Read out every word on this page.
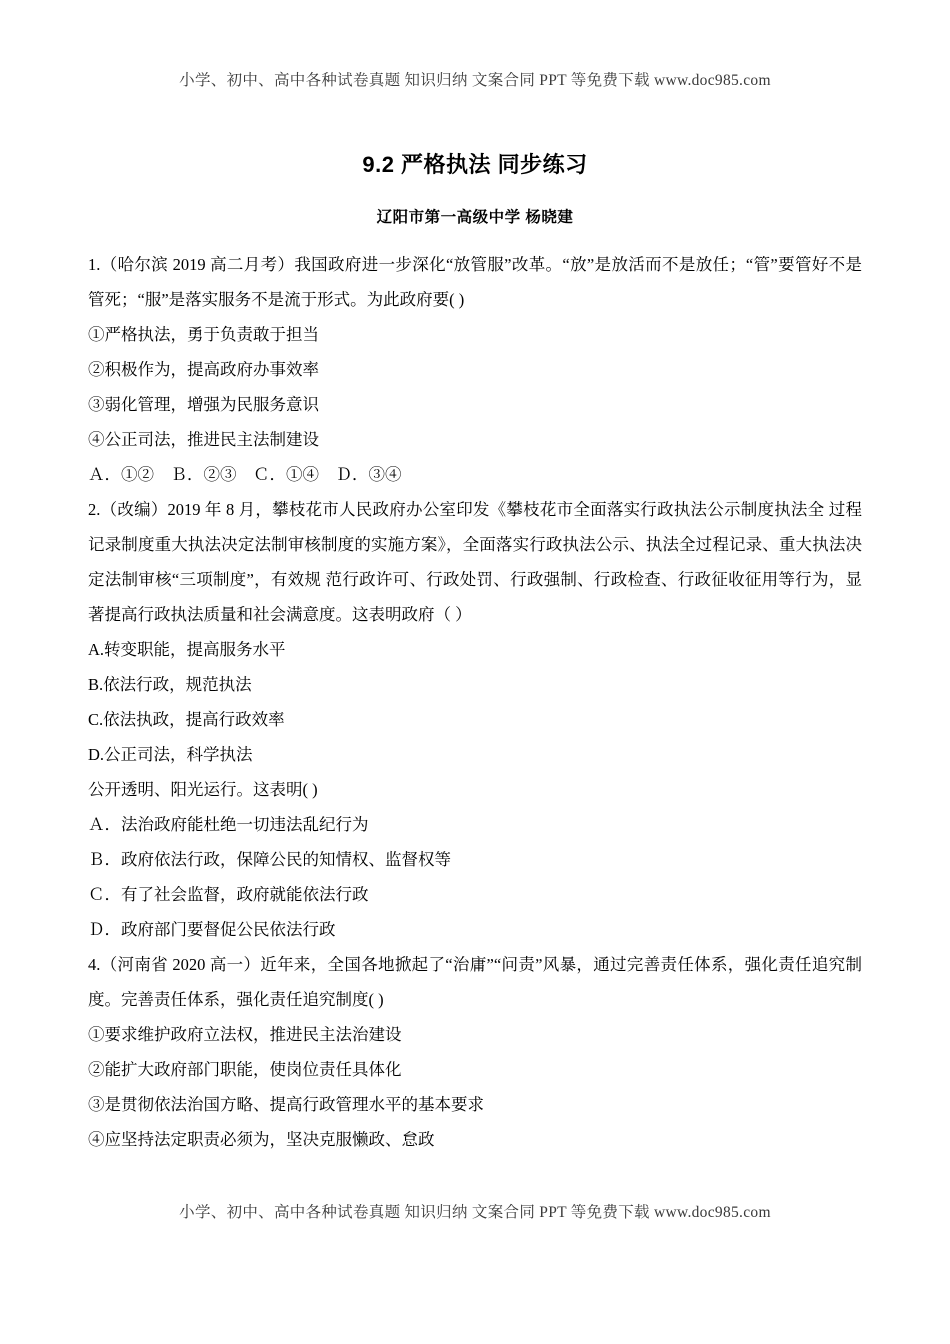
小学、初中、高中各种试卷真题 知识归纳 文案合同 PPT 等免费下载 www.doc985.com
9.2 严格执法 同步练习
辽阳市第一高级中学 杨晓建

1.（哈尔滨 2019 高二月考）我国政府进一步深化“放管服”改革。“放”是放活而不是放任；“管”要管好不是管死；“服”是落实服务不是流于形式。为此政府要( )

①严格执法，勇于负责敢于担当

②积极作为，提高政府办事效率

③弱化管理，增强为民服务意识

④公正司法，推进民主法制建设

Ａ．①②　Ｂ．②③　Ｃ．①④　Ｄ．③④

2.（改编）2019 年 8 月，攀枝花市人民政府办公室印发《攀枝花市全面落实行政执法公示制度执法全 过程记录制度重大执法决定法制审核制度的实施方案》，全面落实行政执法公示、执法全过程记录、重大执法决定法制审核“三项制度”，有效规 范行政许可、行政处罚、行政强制、行政检查、行政征收征用等行为，显著提高行政执法质量和社会满意度。这表明政府（ ）

A.转变职能，提高服务水平

B.依法行政，规范执法

C.依法执政，提高行政效率

D.公正司法，科学执法

公开透明、阳光运行。这表明( )

Ａ．法治政府能杜绝一切违法乱纪行为

Ｂ．政府依法行政，保障公民的知情权、监督权等

Ｃ．有了社会监督，政府就能依法行政

Ｄ．政府部门要督促公民依法行政

4.（河南省 2020 高一）近年来，全国各地掀起了“治庸”“问责”风暴，通过完善责任体系，强化责任追究制度。完善责任体系，强化责任追究制度( )

①要求维护政府立法权，推进民主法治建设

②能扩大政府部门职能，使岗位责任具体化

③是贯彻依法治国方略、提高行政管理水平的基本要求

④应坚持法定职责必须为，坚决克服懒政、怠政

小学、初中、高中各种试卷真题 知识归纳 文案合同 PPT 等免费下载 www.doc985.com
